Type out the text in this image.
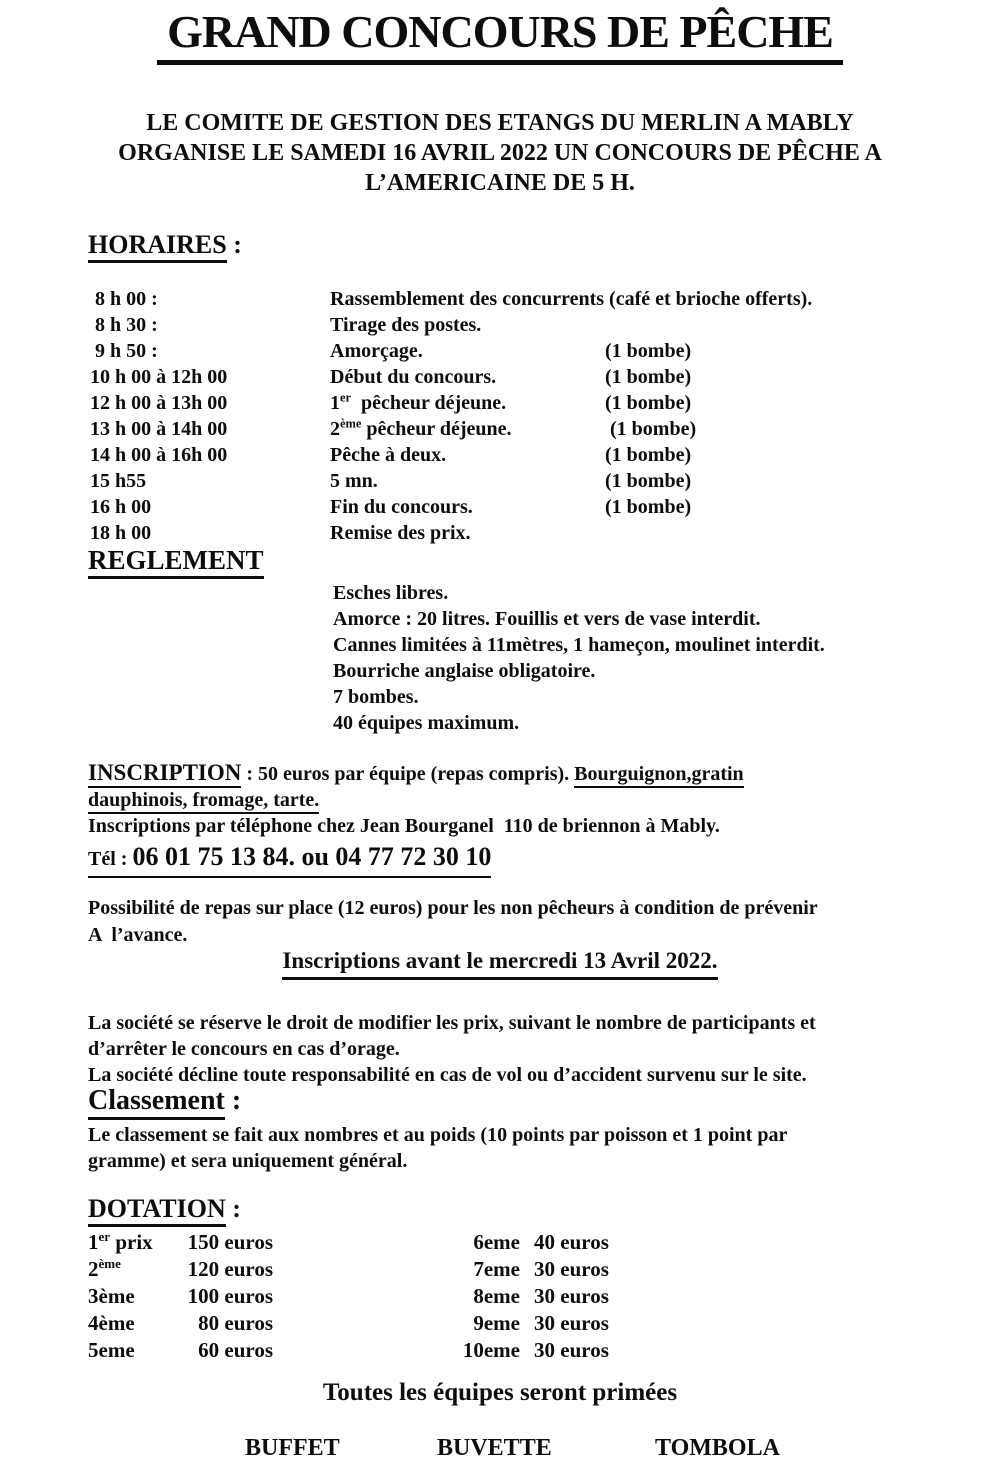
GRAND CONCOURS DE PÊCHE
LE COMITE DE GESTION DES ETANGS DU MERLIN A MABLY
ORGANISE LE SAMEDI 16 AVRIL 2022 UN CONCOURS DE PÊCHE A
L’AMERICAINE DE 5 H.
HORAIRES :
8 h 00 :	Rassemblement des concurrents (café et brioche offerts).
8 h 30 :	Tirage des postes.
9 h 50 :	Amorçage.	(1 bombe)
10 h 00 à 12h 00	Début du concours.	(1 bombe)
12 h 00 à 13h 00	1er  pêcheur déjeune.	(1 bombe)
13 h 00 à 14h 00	2ème pêcheur déjeune.	(1 bombe)
14 h 00 à 16h 00	Pêche à deux.	(1 bombe)
15 h55	5 mn.	(1 bombe)
16 h 00	Fin du concours.	(1 bombe)
18 h 00	Remise des prix.
REGLEMENT
Esches libres.
Amorce : 20 litres. Fouillis et vers de vase interdit.
Cannes limitées à 11mètres, 1 hameçon, moulinet interdit.
Bourriche anglaise obligatoire.
7 bombes.
40 équipes maximum.
INSCRIPTION : 50 euros par équipe (repas compris). Bourguignon,gratin
dauphinois, fromage, tarte.
Inscriptions par téléphone chez Jean Bourganel  110 de briennon à Mably.
Tél : 06 01 75 13 84. ou 04 77 72 30 10
Possibilité de repas sur place (12 euros) pour les non pêcheurs à condition de prévenir
A  l’avance.
Inscriptions avant le mercredi 13 Avril 2022.
La société se réserve le droit de modifier les prix, suivant le nombre de participants et
d’arrêter le concours en cas d’orage.
La société décline toute responsabilité en cas de vol ou d’accident survenu sur le site.
Classement :
Le classement se fait aux nombres et au poids (10 points par poisson et 1 point par
gramme) et sera uniquement général.
DOTATION :
1er prix	150 euros	6eme 40 euros
2ème	120 euros	7eme 30 euros
3ème	100 euros	8eme 30 euros
4ème	80 euros	9eme 30 euros
5eme	60 euros	10eme 30 euros
Toutes les équipes seront primées
BUFFET	BUVETTE	TOMBOLA
